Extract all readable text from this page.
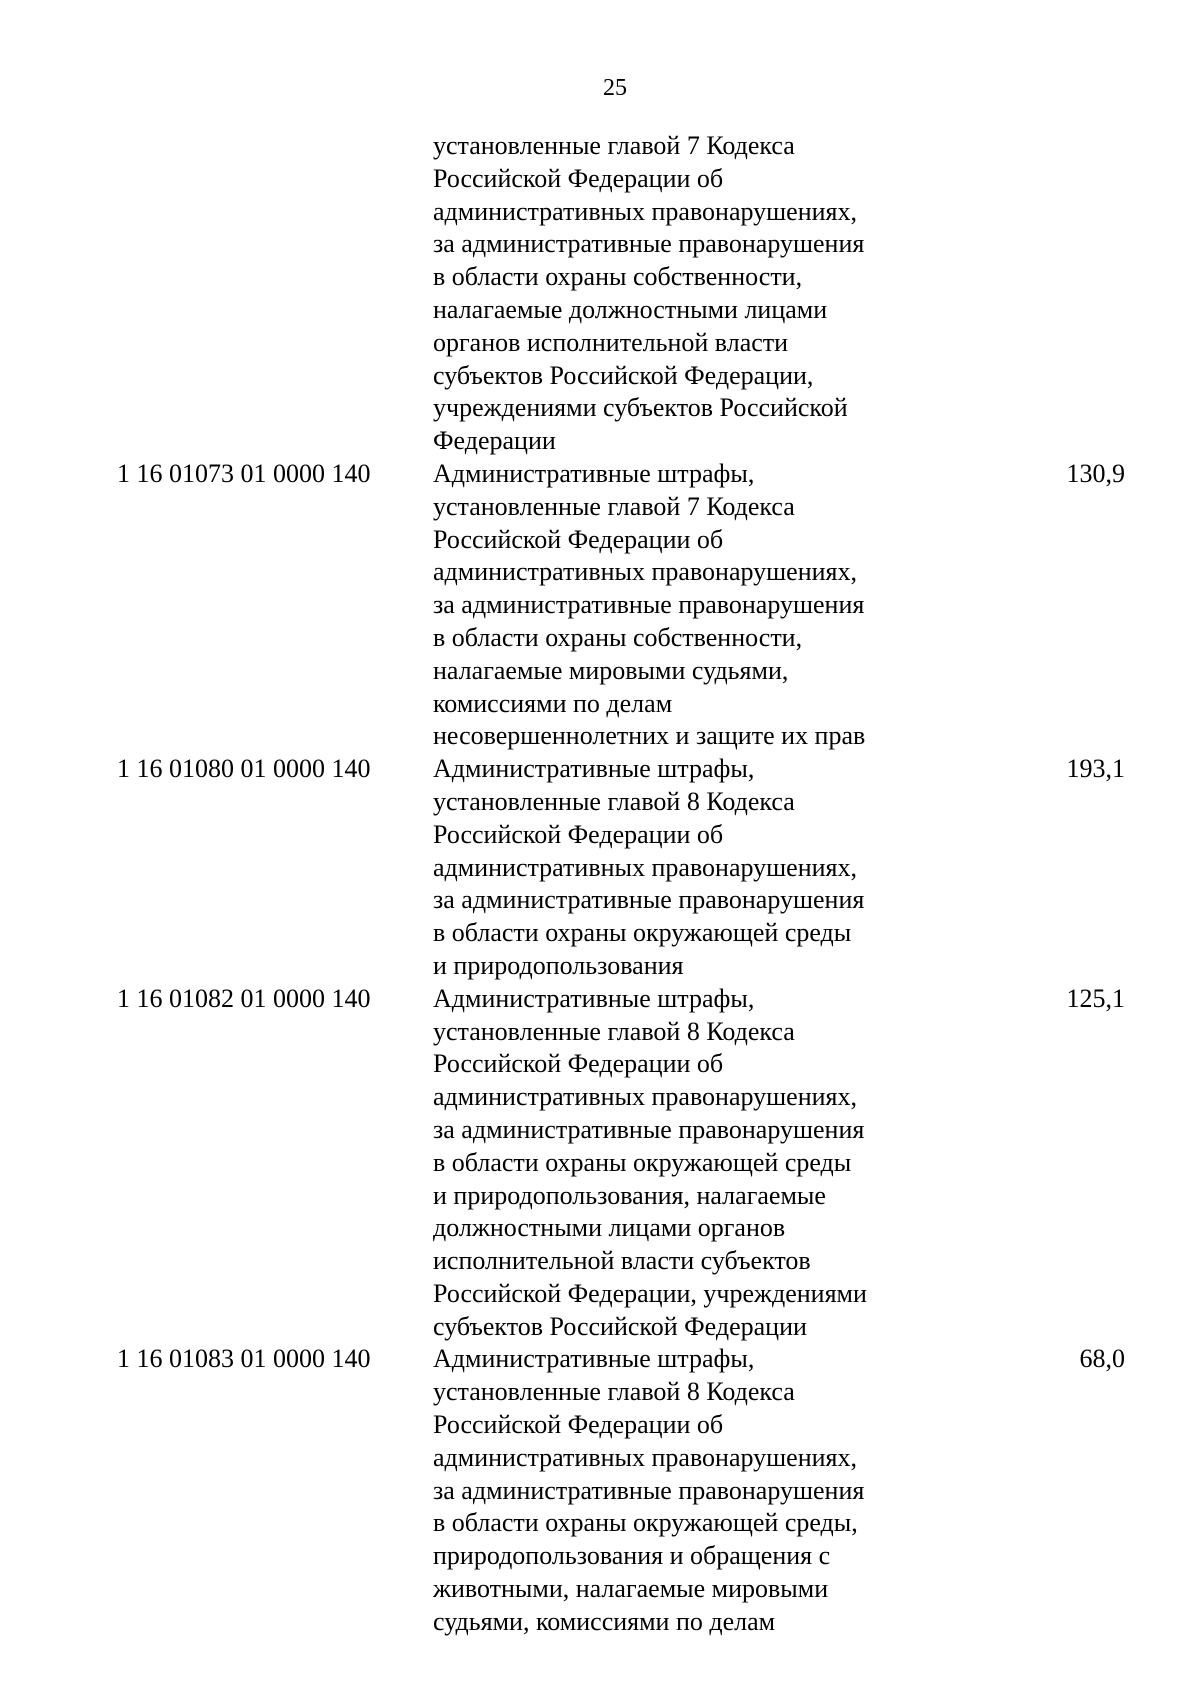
25
установленные главой 7 Кодекса
Российской Федерации об
административных правонарушениях,
за административные правонарушения
в области охраны собственности,
налагаемые должностными лицами
органов исполнительной власти
субъектов Российской Федерации,
учреждениями субъектов Российской
Федерации
1 16 01073 01 0000 140	Административные штрафы,
установленные главой 7 Кодекса
Российской Федерации об
административных правонарушениях,
за административные правонарушения
в области охраны собственности,
налагаемые мировыми судьями,
комиссиями по делам
несовершеннолетних и защите их прав
130,9
1 16 01080 01 0000 140	Административные штрафы,
установленные главой 8 Кодекса
Российской Федерации об
административных правонарушениях,
за административные правонарушения
в области охраны окружающей среды
и природопользования
193,1
1 16 01082 01 0000 140	Административные штрафы,
установленные главой 8 Кодекса
Российской Федерации об
административных правонарушениях,
за административные правонарушения
в области охраны окружающей среды
и природопользования, налагаемые
должностными лицами органов
исполнительной власти субъектов
Российской Федерации, учреждениями
субъектов Российской Федерации
125,1
1 16 01083 01 0000 140	Административные штрафы,
установленные главой 8 Кодекса
Российской Федерации об
административных правонарушениях,
за административные правонарушения
в области охраны окружающей среды,
природопользования и обращения с
животными, налагаемые мировыми
судьями, комиссиями по делам
68,0
